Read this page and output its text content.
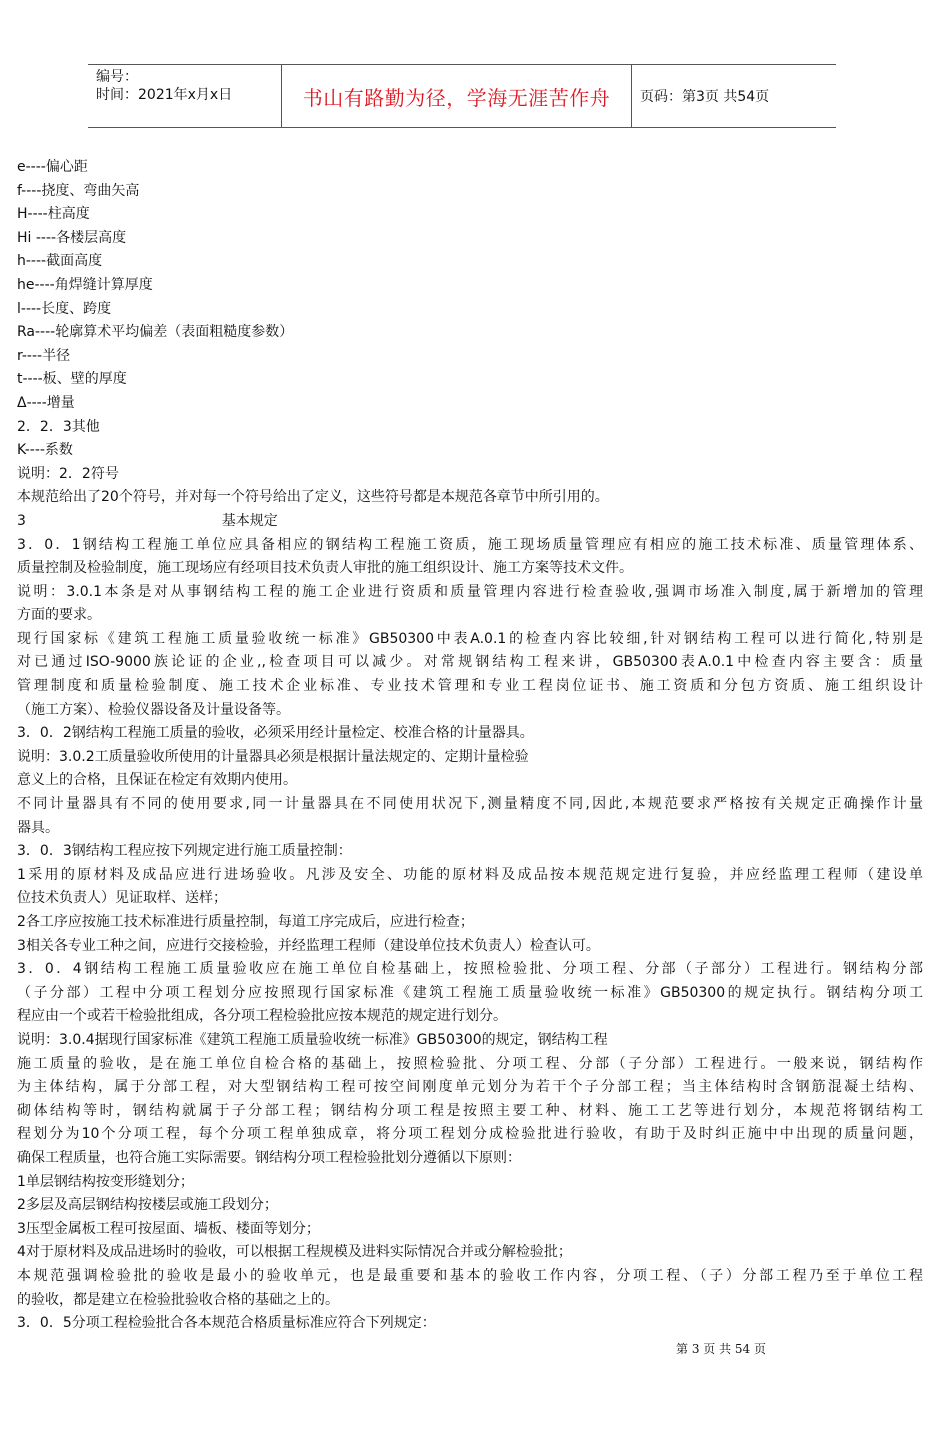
编号：
时间：2021年x月x日	书山有路勤为径，学海无涯苦作舟	页码：第3页 共54页

e----偏心距

f----挠度、弯曲矢高

H----柱高度

Hi ----各楼层高度

h----截面高度

he----角焊缝计算厚度

l----长度、跨度

Ra----轮廓算术平均偏差（表面粗糙度参数）

r----半径

t----板、壁的厚度

Δ----增量

2．2．3其他

K----系数

说明：2．2符号

本规范给出了20个符号，并对每一个符号给出了定义，这些符号都是本规范各章节中所引用的。

3                                            基本规定

3．0．1钢结构工程施工单位应具备相应的钢结构工程施工资质，施工现场质量管理应有相应的施工技术标准、质量管理体系、

质量控制及检验制度，施工现场应有经项目技术负责人审批的施工组织设计、施工方案等技术文件。

说明：3.0.1本条是对从事钢结构工程的施工企业进行资质和质量管理内容进行检查验收,强调市场准入制度,属于新增加的管理

方面的要求。

现行国家标《建筑工程施工质量验收统一标准》GB50300中表A.0.1的检查内容比较细,针对钢结构工程可以进行简化,特别是

对已通过ISO-9000族论证的企业,,检查项目可以减少。对常规钢结构工程来讲，GB50300表A.0.1中检查内容主要含：质量

管理制度和质量检验制度、施工技术企业标准、专业技术管理和专业工程岗位证书、施工资质和分包方资质、施工组织设计

（施工方案）、检验仪器设备及计量设备等。

3．0．2钢结构工程施工质量的验收，必须采用经计量检定、校准合格的计量器具。

说明：3.0.2工质量验收所使用的计量器具必须是根据计量法规定的、定期计量检验

意义上的合格，且保证在检定有效期内使用。

不同计量器具有不同的使用要求,同一计量器具在不同使用状况下,测量精度不同,因此,本规范要求严格按有关规定正确操作计量

器具。

3．0．3钢结构工程应按下列规定进行施工质量控制：

1采用的原材料及成品应进行进场验收。凡涉及安全、功能的原材料及成品按本规范规定进行复验，并应经监理工程师（建设单

位技术负责人）见证取样、送样；

2各工序应按施工技术标准进行质量控制，每道工序完成后，应进行检查；

3相关各专业工种之间，应进行交接检验，并经监理工程师（建设单位技术负责人）检查认可。

3．0．4钢结构工程施工质量验收应在施工单位自检基础上，按照检验批、分项工程、分部（子部分）工程进行。钢结构分部

（子分部）工程中分项工程划分应按照现行国家标准《建筑工程施工质量验收统一标准》GB50300的规定执行。钢结构分项工

程应由一个或若干检验批组成，各分项工程检验批应按本规范的规定进行划分。

说明：3.0.4据现行国家标准《建筑工程施工质量验收统一标准》GB50300的规定，钢结构工程

施工质量的验收，是在施工单位自检合格的基础上，按照检验批、分项工程、分部（子分部）工程进行。一般来说，钢结构作

为主体结构，属于分部工程，对大型钢结构工程可按空间刚度单元划分为若干个子分部工程；当主体结构时含钢筋混凝土结构、

砌体结构等时，钢结构就属于子分部工程；钢结构分项工程是按照主要工种、材料、施工工艺等进行划分，本规范将钢结构工

程划分为10个分项工程，每个分项工程单独成章，将分项工程划分成检验批进行验收，有助于及时纠正施中中出现的质量问题，

确保工程质量，也符合施工实际需要。钢结构分项工程检验批划分遵循以下原则：

1单层钢结构按变形缝划分；

2多层及高层钢结构按楼层或施工段划分；

3压型金属板工程可按屋面、墙板、楼面等划分；

4对于原材料及成品进场时的验收，可以根据工程规模及进料实际情况合并或分解检验批；

本规范强调检验批的验收是最小的验收单元，也是最重要和基本的验收工作内容，分项工程、（子）分部工程乃至于单位工程

的验收，都是建立在检验批验收合格的基础之上的。

3．0．5分项工程检验批合各本规范合格质量标准应符合下列规定：

第 3 页 共 54 页
